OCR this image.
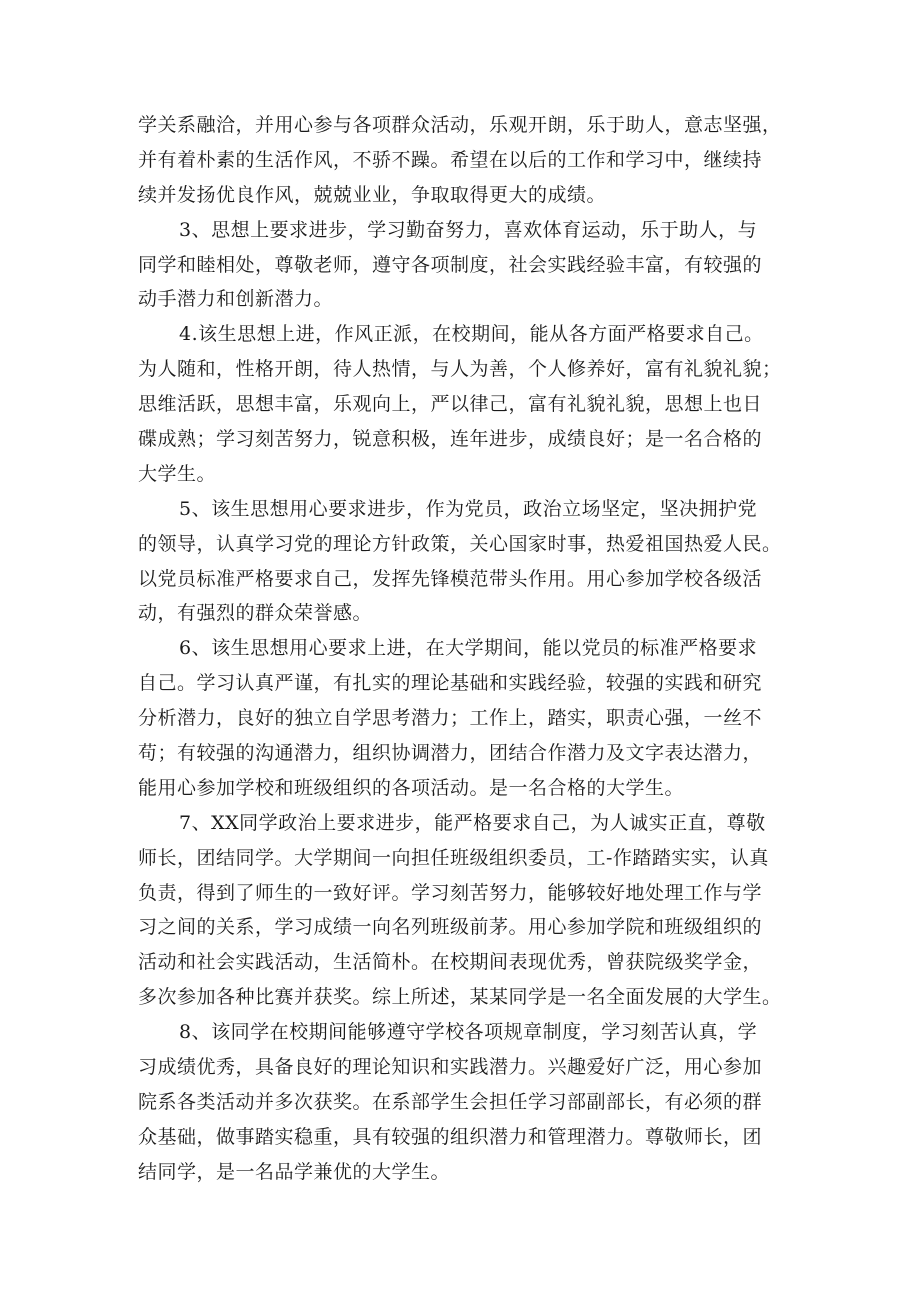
学关系融洽，并用心参与各项群众活动，乐观开朗，乐于助人，意志坚强，
并有着朴素的生活作风，不骄不躁。希望在以后的工作和学习中，继续持
续并发扬优良作风，兢兢业业，争取取得更大的成绩。
3、思想上要求进步，学习勤奋努力，喜欢体育运动，乐于助人，与
同学和睦相处，尊敬老师，遵守各项制度，社会实践经验丰富，有较强的
动手潜力和创新潜力。
4.该生思想上进，作风正派，在校期间，能从各方面严格要求自己。
为人随和，性格开朗，待人热情，与人为善，个人修养好，富有礼貌礼貌；
思维活跃，思想丰富，乐观向上，严以律己，富有礼貌礼貌，思想上也日
碟成熟；学习刻苦努力，锐意积极，连年进步，成绩良好；是一名合格的
大学生。
5、该生思想用心要求进步，作为党员，政治立场坚定，坚决拥护党
的领导，认真学习党的理论方针政策，关心国家时事，热爱祖国热爱人民。
以党员标准严格要求自己，发挥先锋模范带头作用。用心参加学校各级活
动，有强烈的群众荣誉感。
6、该生思想用心要求上进，在大学期间，能以党员的标准严格要求
自己。学习认真严谨，有扎实的理论基础和实践经验，较强的实践和研究
分析潜力，良好的独立自学思考潜力；工作上，踏实，职责心强，一丝不
苟；有较强的沟通潜力，组织协调潜力，团结合作潜力及文字表达潜力，
能用心参加学校和班级组织的各项活动。是一名合格的大学生。
7、XX同学政治上要求进步，能严格要求自己，为人诚实正直，尊敬
师长，团结同学。大学期间一向担任班级组织委员，工-作踏踏实实，认真
负责，得到了师生的一致好评。学习刻苦努力，能够较好地处理工作与学
习之间的关系，学习成绩一向名列班级前茅。用心参加学院和班级组织的
活动和社会实践活动，生活简朴。在校期间表现优秀，曾获院级奖学金，
多次参加各种比赛并获奖。综上所述，某某同学是一名全面发展的大学生。
8、该同学在校期间能够遵守学校各项规章制度，学习刻苦认真，学
习成绩优秀，具备良好的理论知识和实践潜力。兴趣爱好广泛，用心参加
院系各类活动并多次获奖。在系部学生会担任学习部副部长，有必须的群
众基础，做事踏实稳重，具有较强的组织潜力和管理潜力。尊敬师长，团
结同学，是一名品学兼优的大学生。
